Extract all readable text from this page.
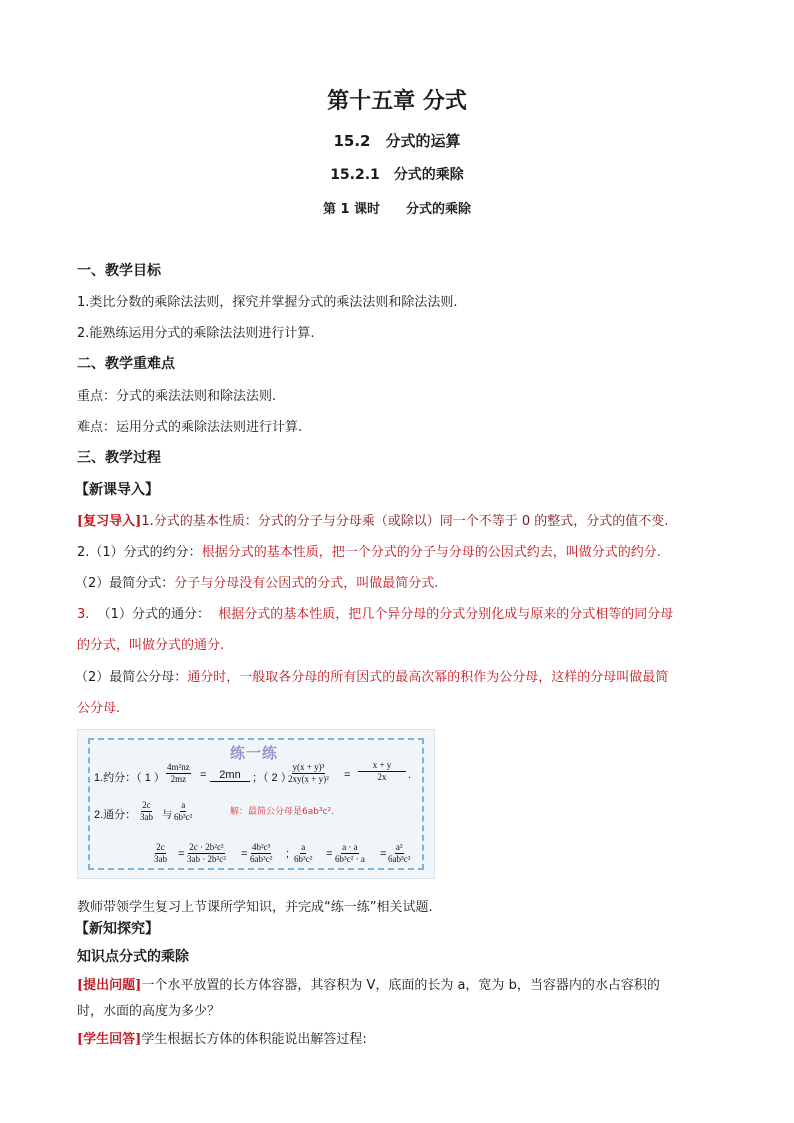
第十五章 分式
15.2　分式的运算
15.2.1　分式的乘除
第 1 课时　　分式的乘除
一、教学目标
1.类比分数的乘除法法则，探究并掌握分式的乘法法则和除法法则.
2.能熟练运用分式的乘除法法则进行计算.
二、教学重难点
重点：分式的乘法法则和除法法则.
难点：运用分式的乘除法法则进行计算.
三、教学过程
【新课导入】
[复习导入]1.分式的基本性质：分式的分子与分母乘（或除以）同一个不等于 0 的整式，分式的值不变.
2.（1）分式的约分：根据分式的基本性质，把一个分式的分子与分母的公因式约去，叫做分式的约分.
（2）最简分式：分子与分母没有公因式的分式，叫做最简分式.
3. （1）分式的通分： 根据分式的基本性质，把几个异分母的分式分别化成与原来的分式相等的同分母
的分式，叫做分式的通分.
（2）最简公分母：通分时，一般取各分母的所有因式的最高次幂的积作为公分母，这样的分母叫做最简
公分母.
练一练
1.约分：（ 1 ） $\frac{\text{4m²nz}}{2mz}$ =	2mn	；（ 2 ）
$\frac{\text{y(x + y)³}}{\text{2xy(x + y)²}} = \frac{x + y}{2x}$ .
2.通分： $\frac{2c}{3ab}$ 与 $\frac{a}{\text{6b³c²}}$	解：最简公分母是6ab³c².
$\frac{2c}{3ab} = \frac{\text{2c · 2b²c²}}{\text{3ab · 2b²c²}} = \frac{\text{4b²c³}}{\text{6ab³c²}}$ ; $\frac{a}{\text{6b³c²}} = \frac{a \cdot a}{\text{6b³c² · a}} = \frac{\text{a²}}{\text{6ab³c²}}$
教师带领学生复习上节课所学知识，并完成“练一练”相关试题.
【新知探究】
知识点分式的乘除
[提出问题]一个水平放置的长方体容器，其容积为 V，底面的长为 a，宽为 b，当容器内的水占容积的
时，水面的高度为多少？
[学生回答]学生根据长方体的体积能说出解答过程:
